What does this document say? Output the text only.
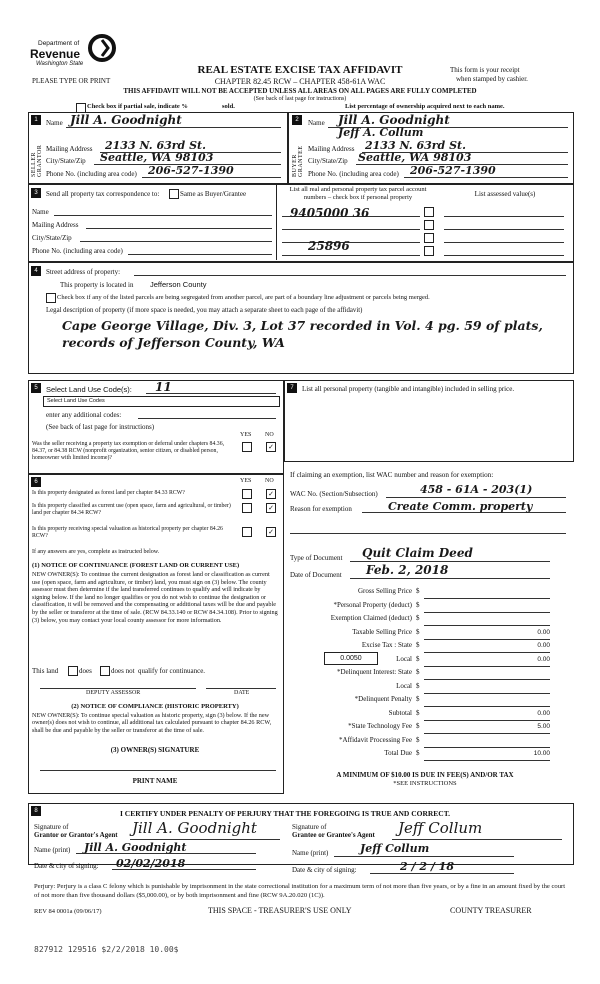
Department of
Revenue
Washington State	REAL ESTATE EXCISE TAX AFFIDAVIT
CHAPTER 82.45 RCW – CHAPTER 458-61A WAC
THIS AFFIDAVIT WILL NOT BE ACCEPTED UNLESS ALL AREAS ON ALL PAGES ARE FULLY COMPLETED
PLEASE TYPE OR PRINT
This form is your receipt
when stamped by cashier.
(See back of last page for instructions)
Check box if partial sale, indicate %	sold.	List percentage of ownership acquired next to each name.
1
SELLER GRANTOR
Name Jill A. Goodnight
Mailing Address 2133 N. 63rd St.
City/State/Zip Seattle, WA 98103
Phone No. (including area code) 206-527-1390
2
BUYER GRANTEE
Name Jill A. Goodnight
Jeff A. Collum
Mailing Address 2133 N. 63rd St.
City/State/Zip Seattle, WA 98103
Phone No. (including area code) 206-527-1390
3	Send all property tax correspondence to:	Same as Buyer/Grantee
Name
Mailing Address
City/State/Zip
Phone No. (including area code)
List all real and personal property tax parcel account numbers – check box if personal property	List assessed value(s)
9405000 36
25896
4	Street address of property:
This property is located in Jefferson County
Check box if any of the listed parcels are being segregated from another parcel, are part of a boundary line adjustment or parcels being merged.
Legal description of property (if more space is needed, you may attach a separate sheet to each page of the affidavit)
Cape George Village, Div. 3, Lot 37 recorded in Vol. 4 pg. 59 of plats,
records of Jefferson County, WA
5	Select Land Use Code(s): 11
Select Land Use Codes
enter any additional codes:
(See back of last page for instructions)
YES NO
Was the seller receiving a property tax exemption or deferral under chapters 84.36, 84.37, or 84.38 RCW (nonprofit organization, senior citizen, or disabled person, homeowner with limited income)?
✓
6	YES NO
Is this property designated as forest land per chapter 84.33 RCW?	✓
Is this property classified as current use (open space, farm and agricultural, or timber) land per chapter 84.34 RCW?
✓
Is this property receiving special valuation as historical property per chapter 84.26 RCW?	✓
If any answers are yes, complete as instructed below.
(1) NOTICE OF CONTINUANCE (FOREST LAND OR CURRENT USE)
NEW OWNER(S): To continue the current designation as forest land or classification as current use (open space, farm and agriculture, or timber) land, you must sign on (3) below. The county assessor must then determine if the land transferred continues to qualify and will indicate by signing below. If the land no longer qualifies or you do not wish to continue the designation or classification, it will be removed and the compensating or additional taxes will be due and payable by the seller or transferor at the time of sale. (RCW 84.33.140 or RCW 84.34.108). Prior to signing (3) below, you may contact your local county assessor for more information.
This land	does	does not qualify for continuance.
DEPUTY ASSESSOR	DATE
(2) NOTICE OF COMPLIANCE (HISTORIC PROPERTY)
NEW OWNER(S): To continue special valuation as historic property, sign (3) below. If the new owner(s) does not wish to continue, all additional tax calculated pursuant to chapter 84.26 RCW, shall be due and payable by the seller or transferor at the time of sale.
(3) OWNER(S) SIGNATURE
PRINT NAME
7	List all personal property (tangible and intangible) included in selling price.
If claiming an exemption, list WAC number and reason for exemption:
WAC No. (Section/Subsection)	458 - 61A - 203(1)
Reason for exemption	Create Comm. property
Type of Document Quit Claim Deed
Date of Document Feb. 2, 2018
Gross Selling Price $
*Personal Property (deduct) $
Exemption Claimed (deduct) $
Taxable Selling Price $	0.00
Excise Tax : State $	0.00
0.0050	Local $	0.00
*Delinquent Interest: State $
Local $
*Delinquent Penalty $
Subtotal $	0.00
*State Technology Fee $	5.00
*Affidavit Processing Fee $
Total Due $	10.00
A MINIMUM OF $10.00 IS DUE IN FEE(S) AND/OR TAX
*SEE INSTRUCTIONS
8	I CERTIFY UNDER PENALTY OF PERJURY THAT THE FOREGOING IS TRUE AND CORRECT.
Signature of
Grantor or Grantor's Agent Jill A. Goodnight
Name (print) Jill A. Goodnight
Date & city of signing: 02/02/2018
Signature of
Grantee or Grantee's Agent Jeff Collum
Name (print)	Jeff Collum
Date & city of signing:	2 / 2 / 18
Perjury: Perjury is a class C felony which is punishable by imprisonment in the state correctional institution for a maximum term of not more than five years, or by a fine in an amount fixed by the court of not more than five thousand dollars ($5,000.00), or by both imprisonment and fine (RCW 9A.20.020 (1C)).
REV 84 0001a (09/06/17)	THIS SPACE - TREASURER'S USE ONLY	COUNTY TREASURER
827912 129516 $2/2/2018 10.00$
